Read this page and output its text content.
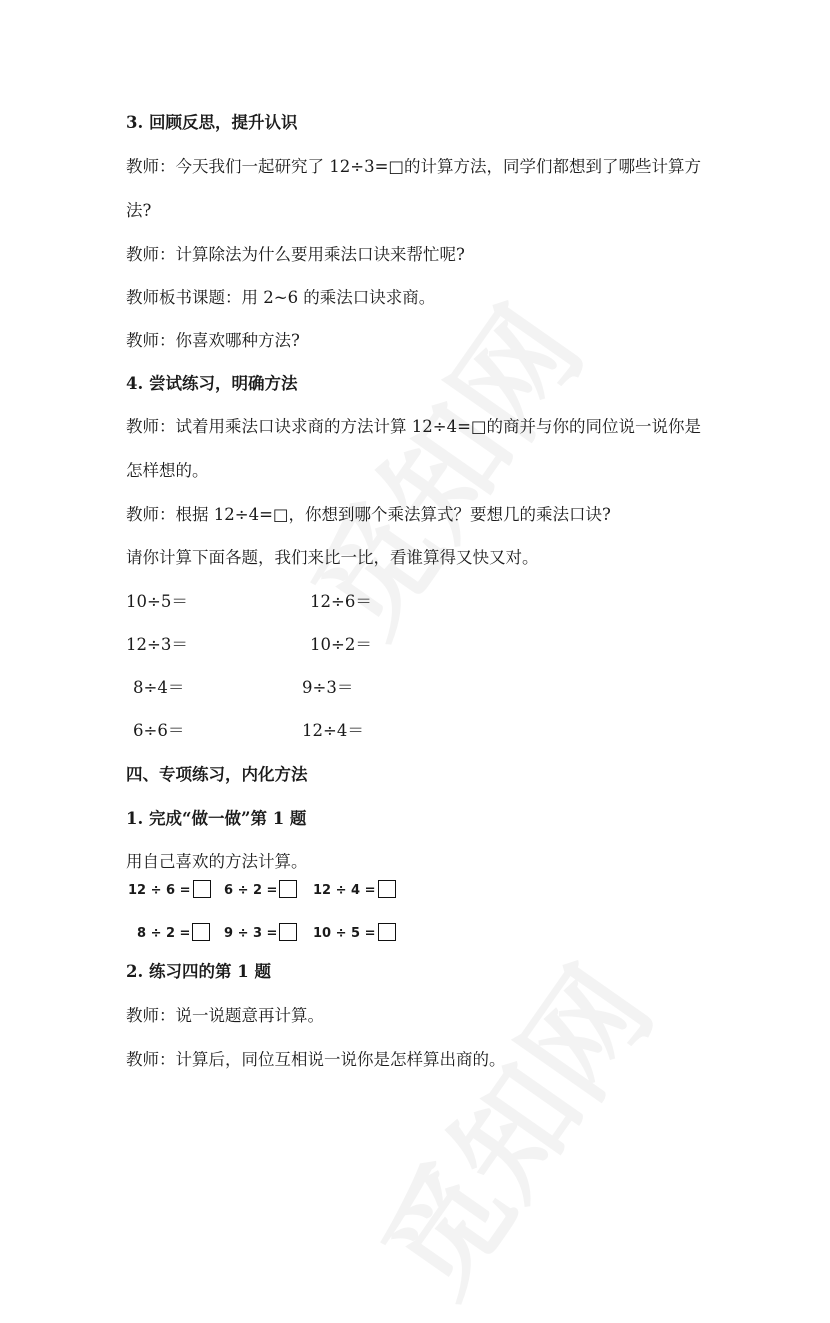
3. 回顾反思，提升认识
教师：今天我们一起研究了 12÷3=□的计算方法，同学们都想到了哪些计算方
法?
教师：计算除法为什么要用乘法口诀来帮忙呢?
教师板书课题：用 2~6 的乘法口诀求商。
教师：你喜欢哪种方法?
4. 尝试练习，明确方法
教师：试着用乘法口诀求商的方法计算 12÷4=□的商并与你的同位说一说你是
怎样想的。
教师：根据 12÷4=□，你想到哪个乘法算式？要想几的乘法口诀?
请你计算下面各题，我们来比一比，看谁算得又快又对。
10÷5＝	12÷6＝
12÷3＝	10÷2＝
8÷4＝	9÷3＝
6÷6＝	12÷4＝
四、专项练习，内化方法
1. 完成“做一做”第 1 题
用自己喜欢的方法计算。
12 ÷ 6 =	6 ÷ 2 =	12 ÷ 4 =
8 ÷ 2 =	9 ÷ 3 =	10 ÷ 5 =
2. 练习四的第 1 题
教师：说一说题意再计算。
教师：计算后，同位互相说一说你是怎样算出商的。
